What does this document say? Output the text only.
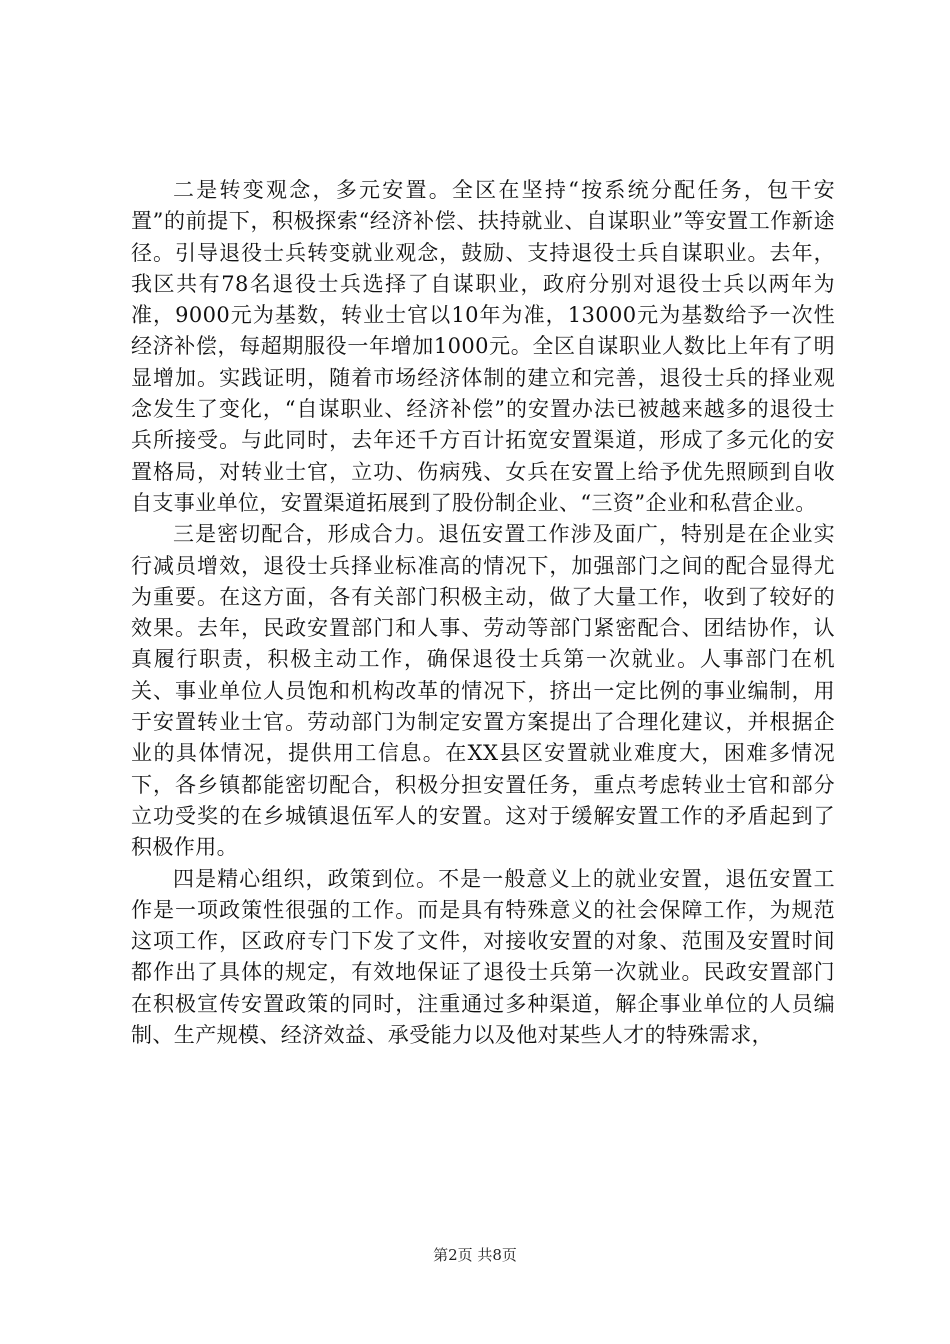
二是转变观念，多元安置。全区在坚持“按系统分配任务，包干安置”的前提下，积极探索“经济补偿、扶持就业、自谋职业”等安置工作新途径。引导退役士兵转变就业观念，鼓励、支持退役士兵自谋职业。去年，我区共有78名退役士兵选择了自谋职业，政府分别对退役士兵以两年为准，9000元为基数，转业士官以10年为准，13000元为基数给予一次性经济补偿，每超期服役一年增加1000元。全区自谋职业人数比上年有了明显增加。实践证明，随着市场经济体制的建立和完善，退役士兵的择业观念发生了变化，“自谋职业、经济补偿”的安置办法已被越来越多的退役士兵所接受。与此同时，去年还千方百计拓宽安置渠道，形成了多元化的安置格局，对转业士官，立功、伤病残、女兵在安置上给予优先照顾到自收自支事业单位，安置渠道拓展到了股份制企业、“三资”企业和私营企业。

三是密切配合，形成合力。退伍安置工作涉及面广，特别是在企业实行减员增效，退役士兵择业标准高的情况下，加强部门之间的配合显得尤为重要。在这方面，各有关部门积极主动，做了大量工作，收到了较好的效果。去年，民政安置部门和人事、劳动等部门紧密配合、团结协作，认真履行职责，积极主动工作，确保退役士兵第一次就业。人事部门在机关、事业单位人员饱和机构改革的情况下，挤出一定比例的事业编制，用于安置转业士官。劳动部门为制定安置方案提出了合理化建议，并根据企业的具体情况，提供用工信息。在XX县区安置就业难度大，困难多情况下，各乡镇都能密切配合，积极分担安置任务，重点考虑转业士官和部分立功受奖的在乡城镇退伍军人的安置。这对于缓解安置工作的矛盾起到了积极作用。

四是精心组织，政策到位。不是一般意义上的就业安置，退伍安置工作是一项政策性很强的工作。而是具有特殊意义的社会保障工作，为规范这项工作，区政府专门下发了文件，对接收安置的对象、范围及安置时间都作出了具体的规定，有效地保证了退役士兵第一次就业。民政安置部门在积极宣传安置政策的同时，注重通过多种渠道，解企事业单位的人员编制、生产规模、经济效益、承受能力以及他对某些人才的特殊需求，

第2页 共8页
